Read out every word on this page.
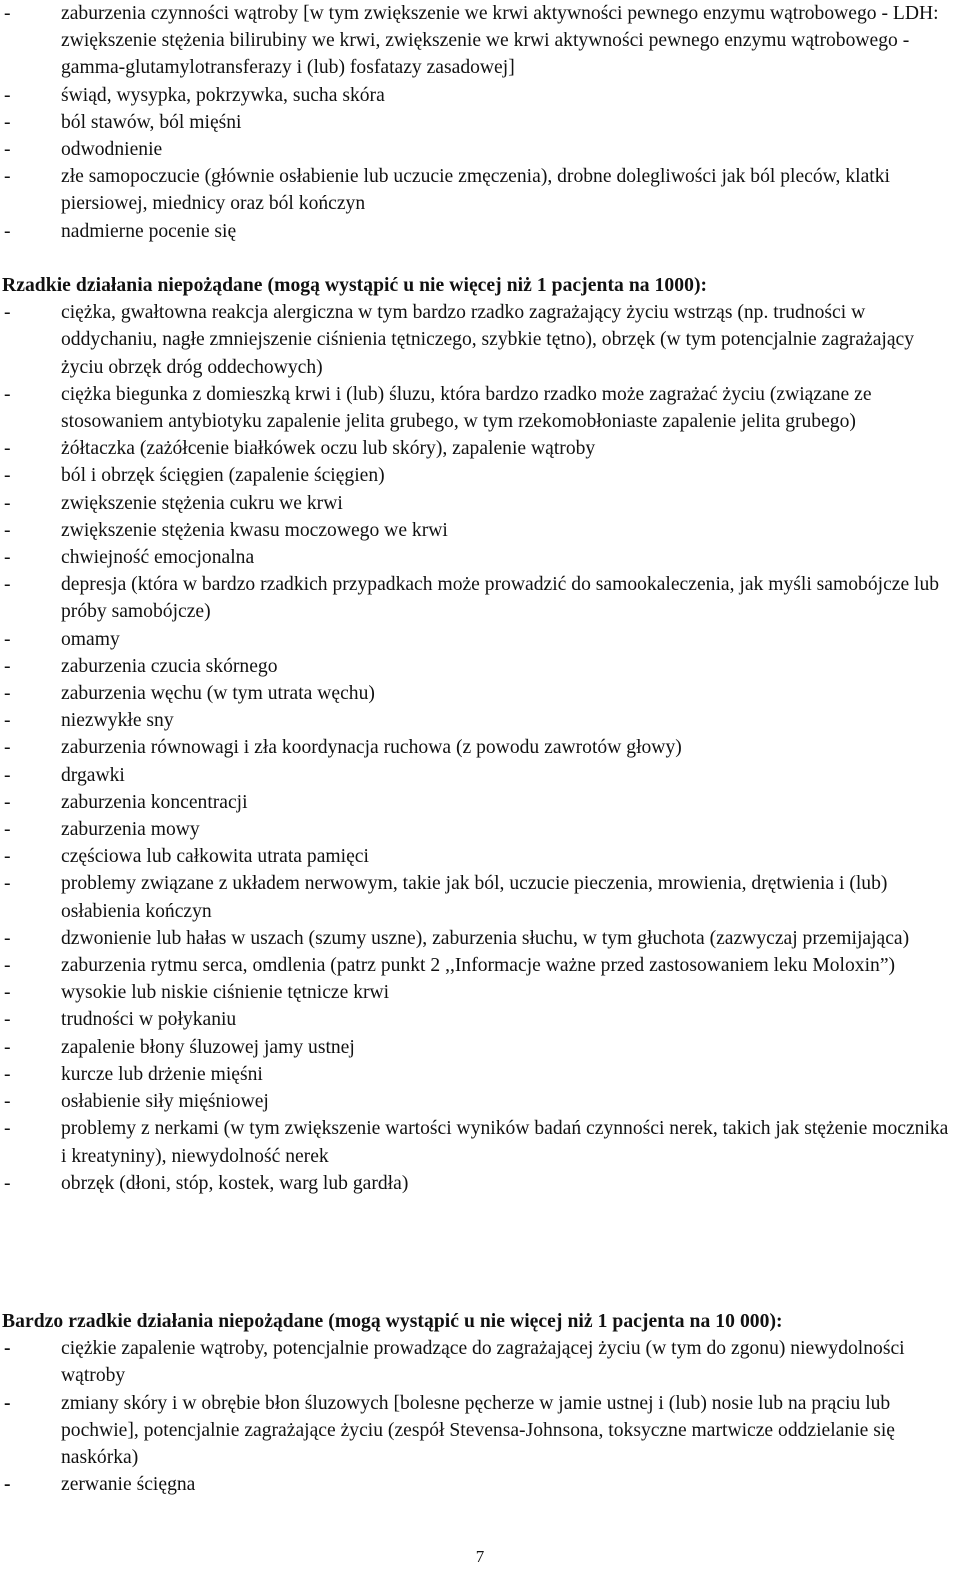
-	zaburzenia czynności wątroby [w tym zwiększenie we krwi aktywności pewnego enzymu wątrobowego - LDH: zwiększenie stężenia bilirubiny we krwi, zwiększenie we krwi aktywności pewnego enzymu wątrobowego - gamma-glutamylotransferazy i (lub) fosfatazy zasadowej]
-	świąd, wysypka, pokrzywka, sucha skóra
-	ból stawów, ból mięśni
-	odwodnienie
-	złe samopoczucie (głównie osłabienie lub uczucie zmęczenia), drobne dolegliwości jak ból pleców, klatki piersiowej, miednicy oraz ból kończyn
-	nadmierne pocenie się
Rzadkie działania niepożądane (mogą wystąpić u nie więcej niż 1 pacjenta na 1000):
-	ciężka, gwałtowna reakcja alergiczna w tym bardzo rzadko zagrażający życiu wstrząs (np. trudności w oddychaniu, nagłe zmniejszenie ciśnienia tętniczego, szybkie tętno), obrzęk (w tym potencjalnie zagrażający życiu obrzęk dróg oddechowych)
-	ciężka biegunka z domieszką krwi i (lub) śluzu, która bardzo rzadko może zagrażać życiu (związane ze stosowaniem antybiotyku zapalenie jelita grubego, w tym rzekomobłoniaste zapalenie jelita grubego)
-	żółtaczka (zażółcenie białkówek oczu lub skóry), zapalenie wątroby
-	ból i obrzęk ścięgien (zapalenie ścięgien)
-	zwiększenie stężenia cukru we krwi
-	zwiększenie stężenia kwasu moczowego we krwi
-	chwiejność emocjonalna
-	depresja (która w bardzo rzadkich przypadkach może prowadzić do samookaleczenia, jak myśli samobójcze lub próby samobójcze)
-	omamy
-	zaburzenia czucia skórnego
-	zaburzenia węchu (w tym utrata węchu)
-	niezwykłe sny
-	zaburzenia równowagi i zła koordynacja ruchowa (z powodu zawrotów głowy)
-	drgawki
-	zaburzenia koncentracji
-	zaburzenia mowy
-	częściowa lub całkowita utrata pamięci
-	problemy związane z układem nerwowym, takie jak ból, uczucie pieczenia, mrowienia, drętwienia i (lub) osłabienia kończyn
-	dzwonienie lub hałas w uszach (szumy uszne), zaburzenia słuchu, w tym głuchota (zazwyczaj przemijająca)
-	zaburzenia rytmu serca, omdlenia (patrz punkt 2 ,,Informacje ważne przed zastosowaniem leku Moloxin”)
-	wysokie lub niskie ciśnienie tętnicze krwi
-	trudności w połykaniu
-	zapalenie błony śluzowej jamy ustnej
-	kurcze lub drżenie mięśni
-	osłabienie siły mięśniowej
-	problemy z nerkami (w tym zwiększenie wartości wyników badań czynności nerek, takich jak stężenie mocznika i kreatyniny), niewydolność nerek
-	obrzęk (dłoni, stóp, kostek, warg lub gardła)
Bardzo rzadkie działania niepożądane (mogą wystąpić u nie więcej niż 1 pacjenta na 10 000):
-	ciężkie zapalenie wątroby, potencjalnie prowadzące do zagrażającej życiu (w tym do zgonu) niewydolności wątroby
-	zmiany skóry i w obrębie błon śluzowych [bolesne pęcherze w jamie ustnej i (lub) nosie lub na prąciu lub pochwie], potencjalnie zagrażające życiu (zespół Stevensa-Johnsona, toksyczne martwicze oddzielanie się naskórka)
-	zerwanie ścięgna
7
